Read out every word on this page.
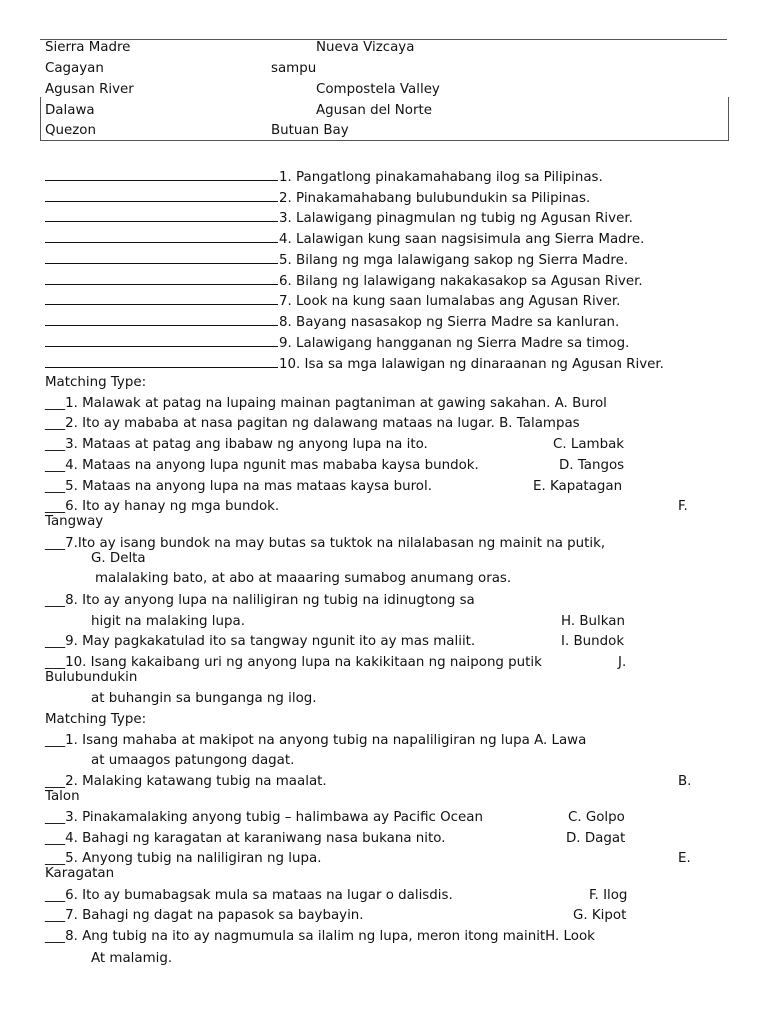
Sierra Madre	Nueva Vizcaya
Cagayan	sampu
Agusan River	Compostela Valley
Dalawa	Agusan del Norte
Quezon	Butuan Bay
1. Pangatlong pinakamahabang ilog sa Pilipinas.
2. Pinakamahabang bulubundukin sa Pilipinas.
3. Lalawigang pinagmulan ng tubig ng Agusan River.
4. Lalawigan kung saan nagsisimula ang Sierra Madre.
5. Bilang ng mga lalawigang sakop ng Sierra Madre.
6. Bilang ng lalawigang nakakasakop sa Agusan River.
7. Look na kung saan lumalabas ang Agusan River.
8. Bayang nasasakop ng Sierra Madre sa kanluran.
9. Lalawigang hangganan ng Sierra Madre sa timog.
10. Isa sa mga lalawigan ng dinaraanan ng Agusan River.
Matching Type:
___1. Malawak at patag na lupaing mainan pagtaniman at gawing sakahan. A. Burol
___2. Ito ay mababa at nasa pagitan ng dalawang mataas na lugar. B. Talampas
___3. Mataas at patag ang ibabaw ng anyong lupa na ito.	C. Lambak
___4. Mataas na anyong lupa ngunit mas mababa kaysa bundok.	D. Tangos
___5. Mataas na anyong lupa na mas mataas kaysa burol.	E. Kapatagan
___6. Ito ay hanay ng mga bundok.	F.
Tangway
___7.Ito ay isang bundok na may butas sa tuktok na nilalabasan ng mainit na putik,
G. Delta
malalaking bato, at abo at maaaring sumabog anumang oras.
___8. Ito ay anyong lupa na naliligiran ng tubig na idinugtong sa
higit na malaking lupa.	H. Bulkan
___9. May pagkakatulad ito sa tangway ngunit ito ay mas maliit.	I. Bundok
___10. Isang kakaibang uri ng anyong lupa na kakikitaan ng naipong putik	J.
Bulubundukin
at buhangin sa bunganga ng ilog.
Matching Type:
___1. Isang mahaba at makipot na anyong tubig na napaliligiran ng lupa A. Lawa
at umaagos patungong dagat.
___2. Malaking katawang tubig na maalat.	B.
Talon
___3. Pinakamalaking anyong tubig – halimbawa ay Pacific Ocean	C. Golpo
___4. Bahagi ng karagatan at karaniwang nasa bukana nito.	D. Dagat
___5. Anyong tubig na naliligiran ng lupa.	E.
Karagatan
___6. Ito ay bumabagsak mula sa mataas na lugar o dalisdis.	F. Ilog
___7. Bahagi ng dagat na papasok sa baybayin.	G. Kipot
___8. Ang tubig na ito ay nagmumula sa ilalim ng lupa, meron itong mainitH. Look
At malamig.
